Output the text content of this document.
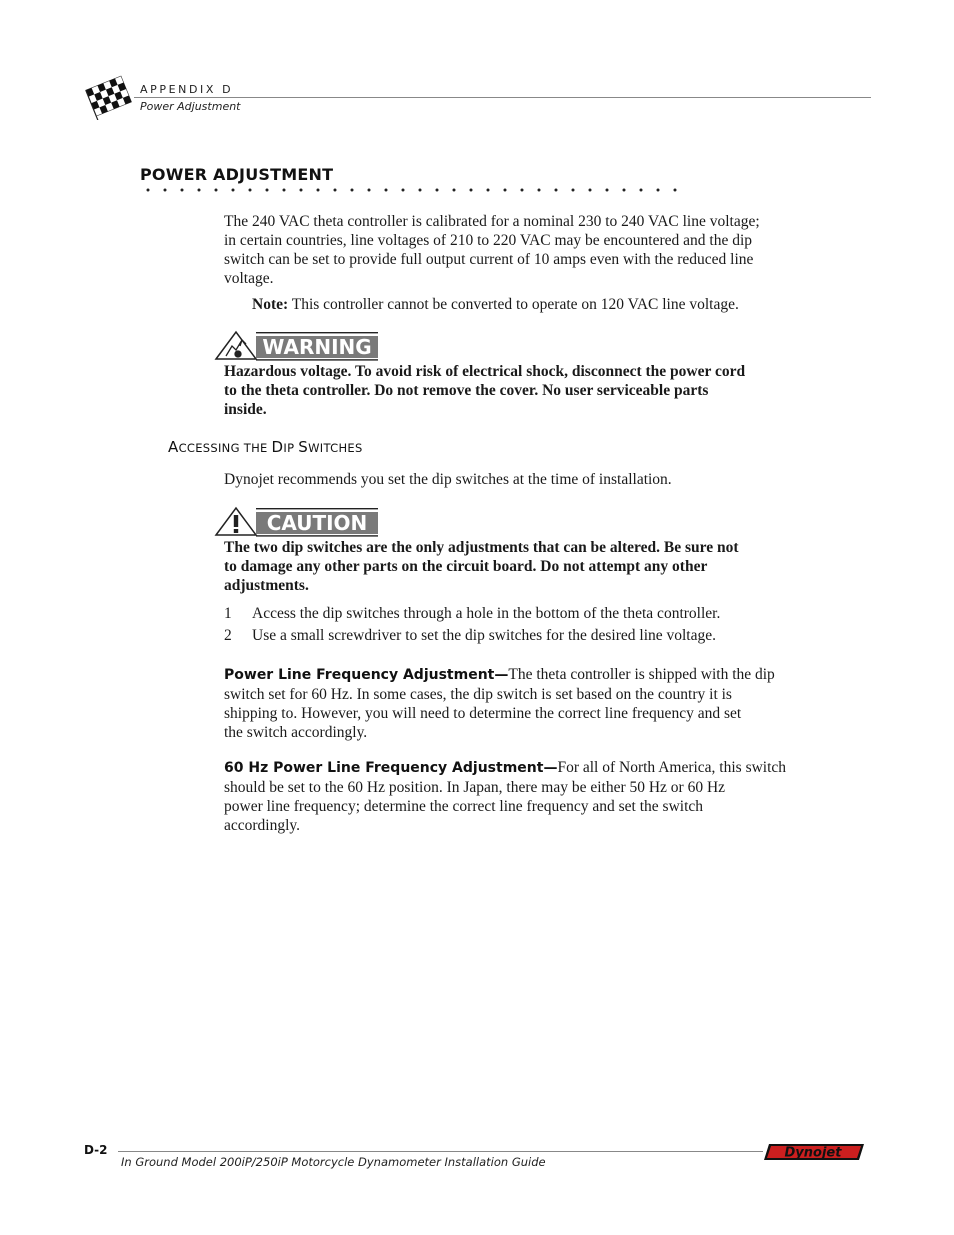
APPENDIX D
Power Adjustment
POWER ADJUSTMENT
The 240 VAC theta controller is calibrated for a nominal 230 to 240 VAC line voltage;
in certain countries, line voltages of 210 to 220 VAC may be encountered and the dip
switch can be set to provide full output current of 10 amps even with the reduced line
voltage.
Note: This controller cannot be converted to operate on 120 VAC line voltage.
WARNING
Hazardous voltage. To avoid risk of electrical shock, disconnect the power cord
to the theta controller. Do not remove the cover. No user serviceable parts
inside.
ACCESSING THE DIP SWITCHES
Dynojet recommends you set the dip switches at the time of installation.
CAUTION
The two dip switches are the only adjustments that can be altered. Be sure not
to damage any other parts on the circuit board. Do not attempt any other
adjustments.
1 Access the dip switches through a hole in the bottom of the theta controller.
2 Use a small screwdriver to set the dip switches for the desired line voltage.
Power Line Frequency Adjustment—The theta controller is shipped with the dip
switch set for 60 Hz. In some cases, the dip switch is set based on the country it is
shipping to. However, you will need to determine the correct line frequency and set
the switch accordingly.
60 Hz Power Line Frequency Adjustment—For all of North America, this switch
should be set to the 60 Hz position. In Japan, there may be either 50 Hz or 60 Hz
power line frequency; determine the correct line frequency and set the switch
accordingly.
D-2
In Ground Model 200iP/250iP Motorcycle Dynamometer Installation Guide
Dynojet
